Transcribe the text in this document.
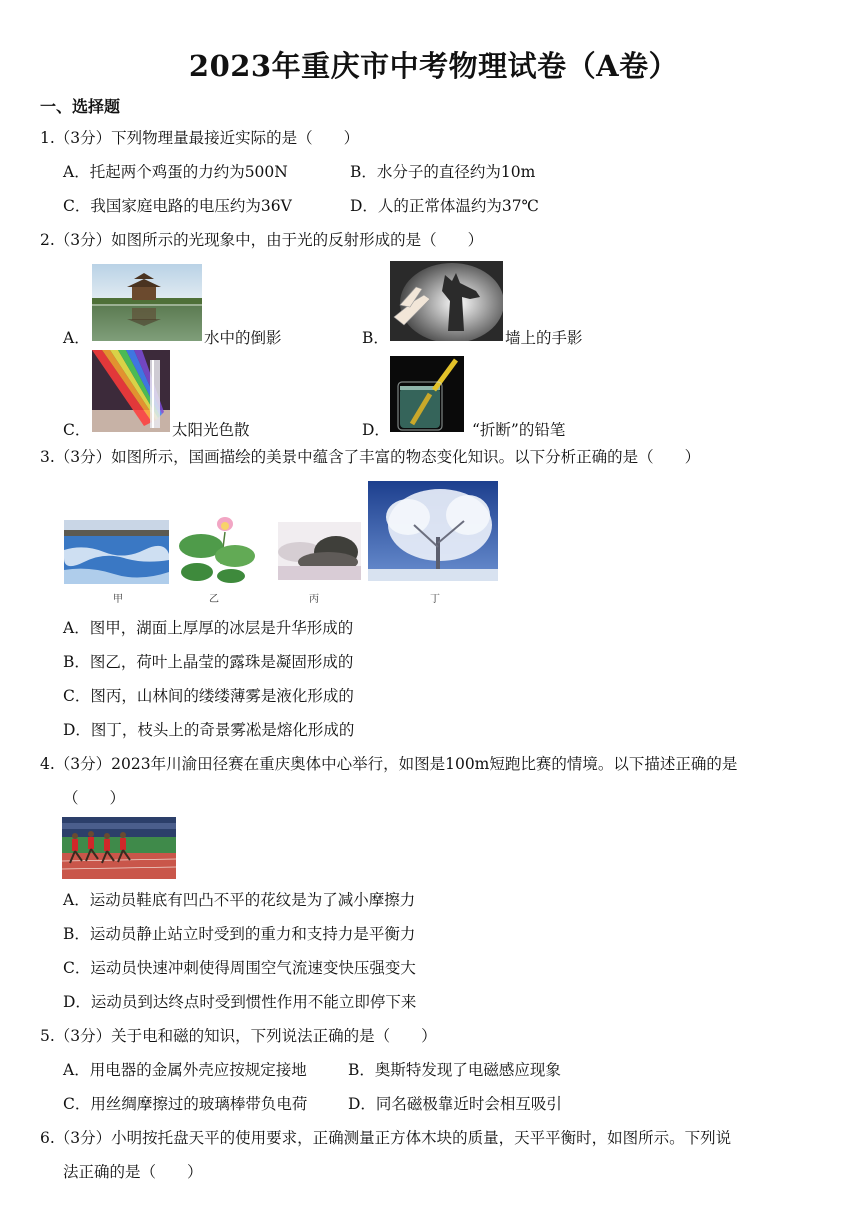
2023年重庆市中考物理试卷（A卷）
一、选择题
1.（3分）下列物理量最接近实际的是（　　）
A．托起两个鸡蛋的力约为500N	B．水分子的直径约为10m
C．我国家庭电路的电压约为36V	D．人的正常体温约为37℃
2.（3分）如图所示的光现象中，由于光的反射形成的是（　　）
A．	水中的倒影	B．	墙上的手影
C．	太阳光色散	D．	“折断”的铅笔
3.（3分）如图所示，国画描绘的美景中蕴含了丰富的物态变化知识。以下分析正确的是（　　）
甲	乙	丙	丁
A．图甲，湖面上厚厚的冰层是升华形成的
B．图乙，荷叶上晶莹的露珠是凝固形成的
C．图丙，山林间的缕缕薄雾是液化形成的
D．图丁，枝头上的奇景雾凇是熔化形成的
4.（3分）2023年川渝田径赛在重庆奥体中心举行，如图是100m短跑比赛的情境。以下描述正确的是
（　　）
A．运动员鞋底有凹凸不平的花纹是为了减小摩擦力
B．运动员静止站立时受到的重力和支持力是平衡力
C．运动员快速冲刺使得周围空气流速变快压强变大
D．运动员到达终点时受到惯性作用不能立即停下来
5.（3分）关于电和磁的知识，下列说法正确的是（　　）
A．用电器的金属外壳应按规定接地	B．奥斯特发现了电磁感应现象
C．用丝绸摩擦过的玻璃棒带负电荷	D．同名磁极靠近时会相互吸引
6.（3分）小明按托盘天平的使用要求，正确测量正方体木块的质量，天平平衡时，如图所示。下列说
法正确的是（　　）
